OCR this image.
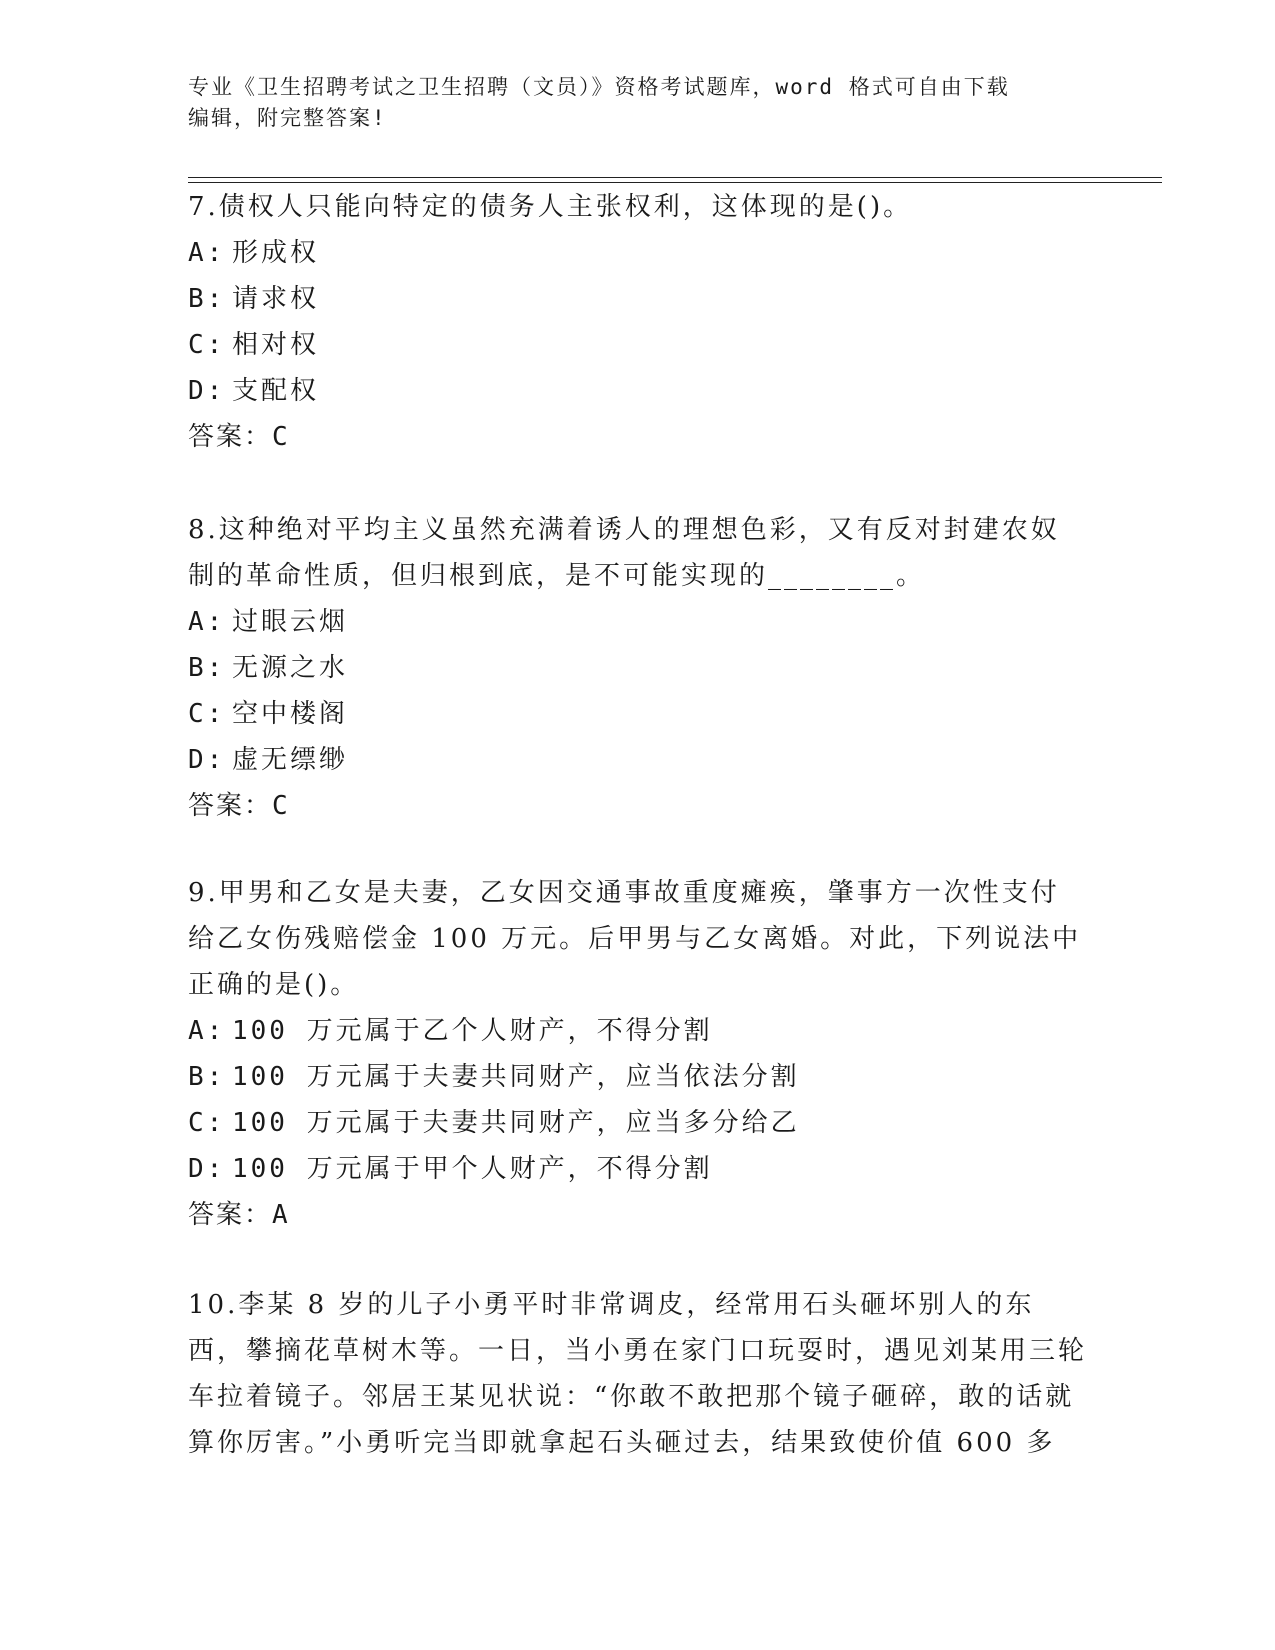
专业《卫生招聘考试之卫生招聘（文员）》资格考试题库，word 格式可自由下载
编辑，附完整答案!

7.债权人只能向特定的债务人主张权利，这体现的是()。

A: 形成权

B: 请求权

C: 相对权

D: 支配权

答案：C

8.这种绝对平均主义虽然充满着诱人的理想色彩，又有反对封建农奴制的革命性质，但归根到底，是不可能实现的________。

A: 过眼云烟

B: 无源之水

C: 空中楼阁

D: 虚无缥缈

答案：C

9.甲男和乙女是夫妻，乙女因交通事故重度瘫痪，肇事方一次性支付给乙女伤残赔偿金 100 万元。后甲男与乙女离婚。对此，下列说法中正确的是()。

A: 100 万元属于乙个人财产，不得分割

B: 100 万元属于夫妻共同财产，应当依法分割

C: 100 万元属于夫妻共同财产，应当多分给乙

D: 100 万元属于甲个人财产，不得分割

答案：A

10.李某 8 岁的儿子小勇平时非常调皮，经常用石头砸坏别人的东西，攀摘花草树木等。一日，当小勇在家门口玩耍时，遇见刘某用三轮车拉着镜子。邻居王某见状说：“你敢不敢把那个镜子砸碎，敢的话就算你厉害。”小勇听完当即就拿起石头砸过去，结果致使价值 600 多
